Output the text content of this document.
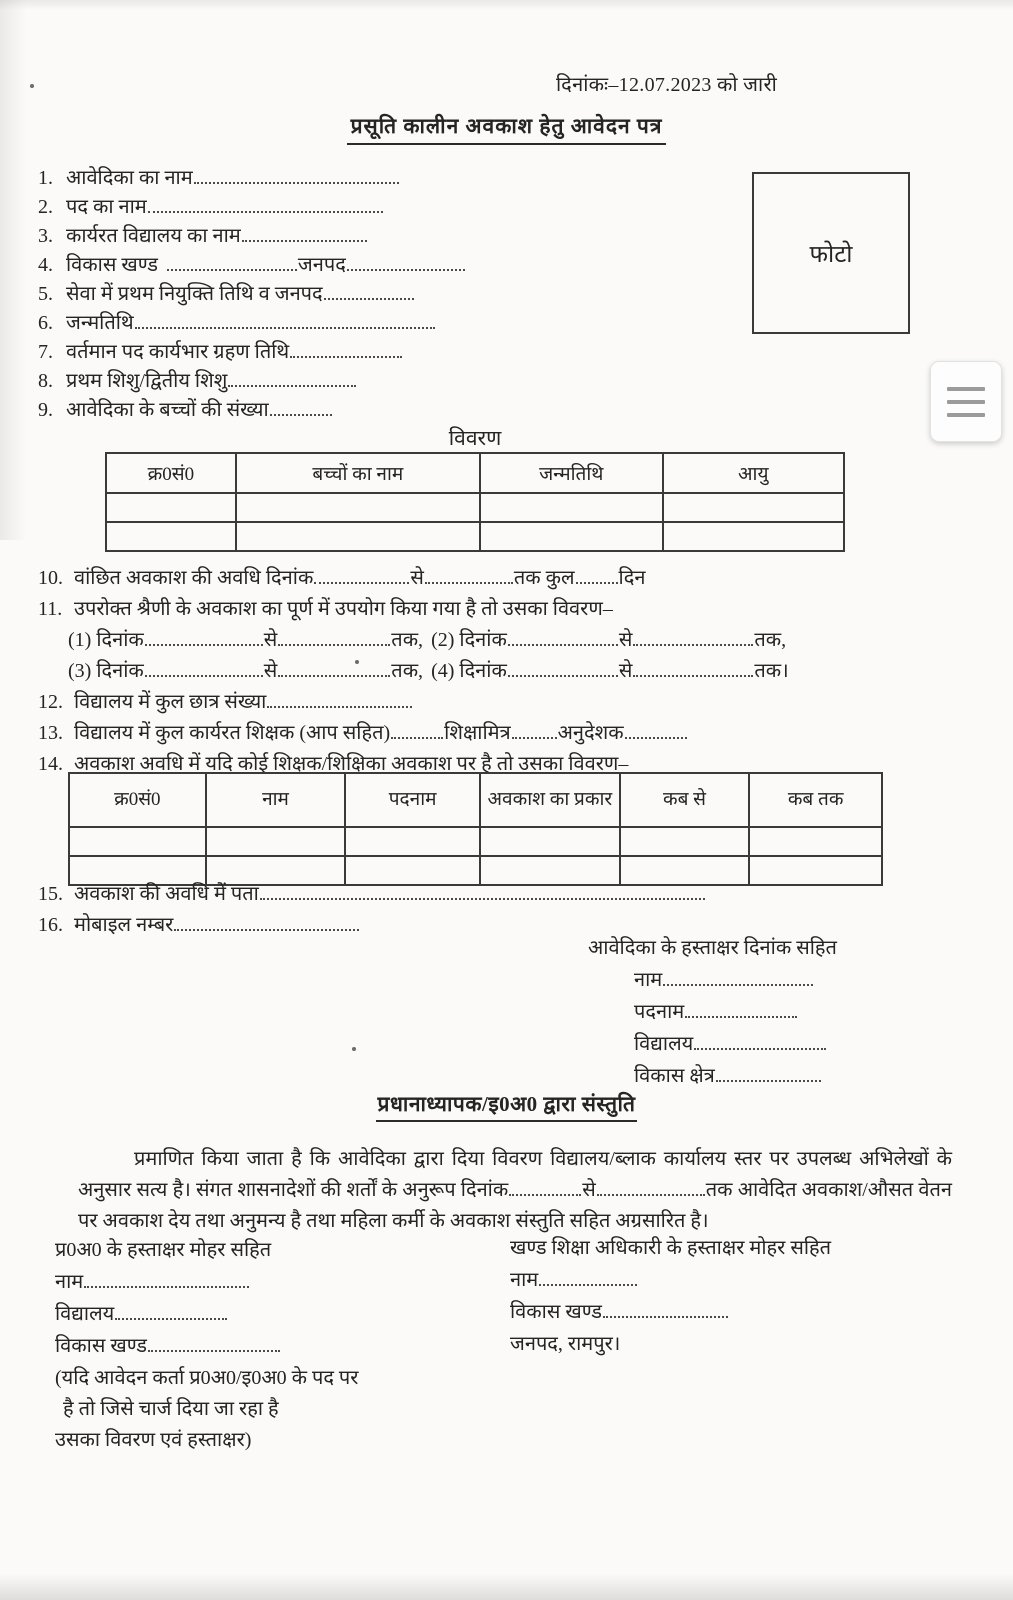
दिनांकः–12.07.2023 को जारी
प्रसूति कालीन अवकाश हेतु आवेदन पत्र
फोटो
1. आवेदिका का नाम
2. पद का नाम
3. कार्यरत विद्यालय का नाम
4. विकास खण्ड	जनपद
5. सेवा में प्रथम नियुक्ति तिथि व जनपद
6. जन्मतिथि
7. वर्तमान पद कार्यभार ग्रहण तिथि
8. प्रथम शिशु/द्वितीय शिशु
9. आवेदिका के बच्चों की संख्या
विवरण
क्र0सं0	बच्चों का नाम	जन्मतिथि	आयु

10. वांछित अवकाश की अवधि दिनांक	से	तक कुल दिन
11. उपरोक्त श्रैणी के अवकाश का पूर्ण में उपयोग किया गया है तो उसका विवरण–
(1) दिनांक	से	तक, (2) दिनांक	से	तक,
(3) दिनांक	से	तक, (4) दिनांक	से	तक।
12. विद्यालय में कुल छात्र संख्या
13. विद्यालय में कुल कार्यरत शिक्षक (आप सहित)	शिक्षामित्र अनुदेशक
14. अवकाश अवधि में यदि कोई शिक्षक/शिक्षिका अवकाश पर है तो उसका विवरण–
क्र0सं0	नाम	पदनाम	अवकाश का प्रकार	कब से	कब तक

15. अवकाश की अवधि में पता
16. मोबाइल नम्बर
आवेदिका के हस्ताक्षर दिनांक सहित
नाम
पदनाम
विद्यालय
विकास क्षेत्र
प्रधानाध्यापक/इ0अ0 द्वारा संस्तुति

प्रमाणित किया जाता है कि आवेदिका द्वारा दिया विवरण विद्यालय/ब्लाक कार्यालय स्तर पर उपलब्ध अभिलेखों के अनुसार सत्य है। संगत शासनादेशों की शर्तों के अनुरूप दिनांक	से	तक आवेदित अवकाश/औसत वेतन पर अवकाश देय तथा अनुमन्य है तथा महिला कर्मी के अवकाश संस्तुति सहित अग्रसारित है।

प्र0अ0 के हस्ताक्षर मोहर सहित
नाम
विद्यालय
विकास खण्ड
(यदि आवेदन कर्ता प्र0अ0/इ0अ0 के पद पर
है तो जिसे चार्ज दिया जा रहा है
उसका विवरण एवं हस्ताक्षर)
खण्ड शिक्षा अधिकारी के हस्ताक्षर मोहर सहित
नाम
विकास खण्ड
जनपद, रामपुर।
